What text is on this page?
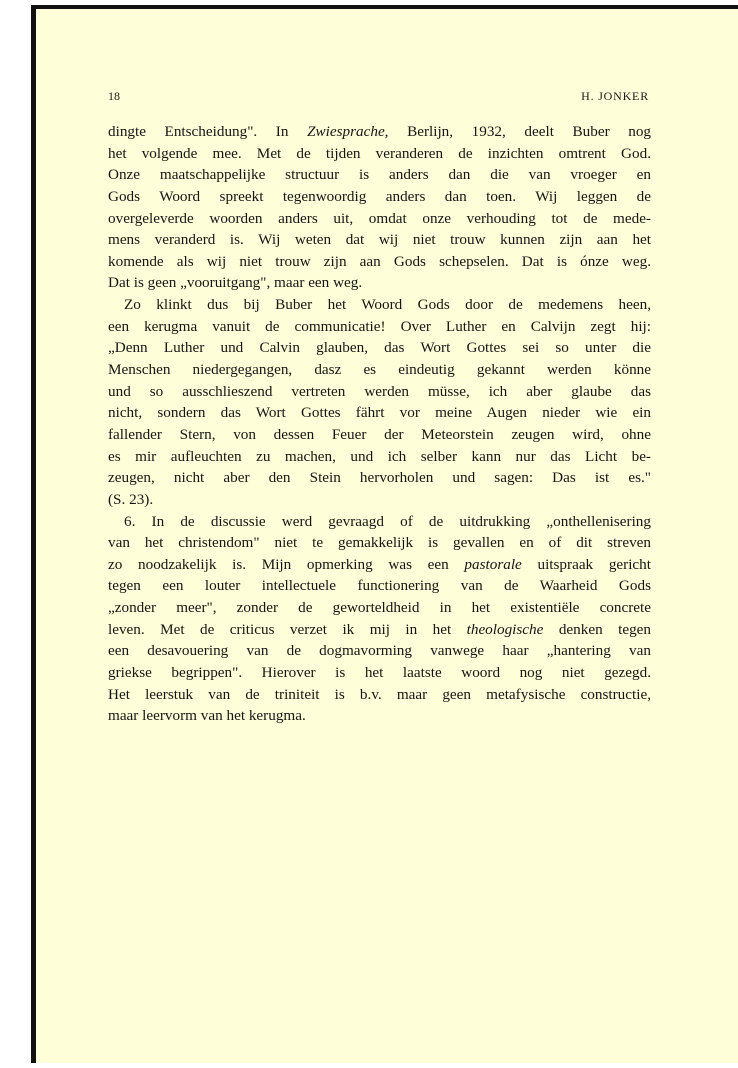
18	H. JONKER
dingte Entscheidung". In Zwiesprache, Berlijn, 1932, deelt Buber nog
het volgende mee. Met de tijden veranderen de inzichten omtrent God.
Onze maatschappelijke structuur is anders dan die van vroeger en
Gods Woord spreekt tegenwoordig anders dan toen. Wij leggen de
overgeleverde woorden anders uit, omdat onze verhouding tot de mede-
mens veranderd is. Wij weten dat wij niet trouw kunnen zijn aan het
komende als wij niet trouw zijn aan Gods schepselen. Dat is ónze weg.
Dat is geen „vooruitgang", maar een weg.
Zo klinkt dus bij Buber het Woord Gods door de medemens heen,
een kerugma vanuit de communicatie! Over Luther en Calvijn zegt hij:
„Denn Luther und Calvin glauben, das Wort Gottes sei so unter die
Menschen niedergegangen, dasz es eindeutig gekannt werden könne
und so ausschlieszend vertreten werden müsse, ich aber glaube das
nicht, sondern das Wort Gottes fährt vor meine Augen nieder wie ein
fallender Stern, von dessen Feuer der Meteorstein zeugen wird, ohne
es mir aufleuchten zu machen, und ich selber kann nur das Licht be-
zeugen, nicht aber den Stein hervorholen und sagen: Das ist es."
(S. 23).
6. In de discussie werd gevraagd of de uitdrukking „onthellenisering
van het christendom" niet te gemakkelijk is gevallen en of dit streven
zo noodzakelijk is. Mijn opmerking was een pastorale uitspraak gericht
tegen een louter intellectuele functionering van de Waarheid Gods
„zonder meer", zonder de geworteldheid in het existentiële concrete
leven. Met de criticus verzet ik mij in het theologische denken tegen
een desavouering van de dogmavorming vanwege haar „hantering van
griekse begrippen". Hierover is het laatste woord nog niet gezegd.
Het leerstuk van de triniteit is b.v. maar geen metafysische constructie,
maar leervorm van het kerugma.
